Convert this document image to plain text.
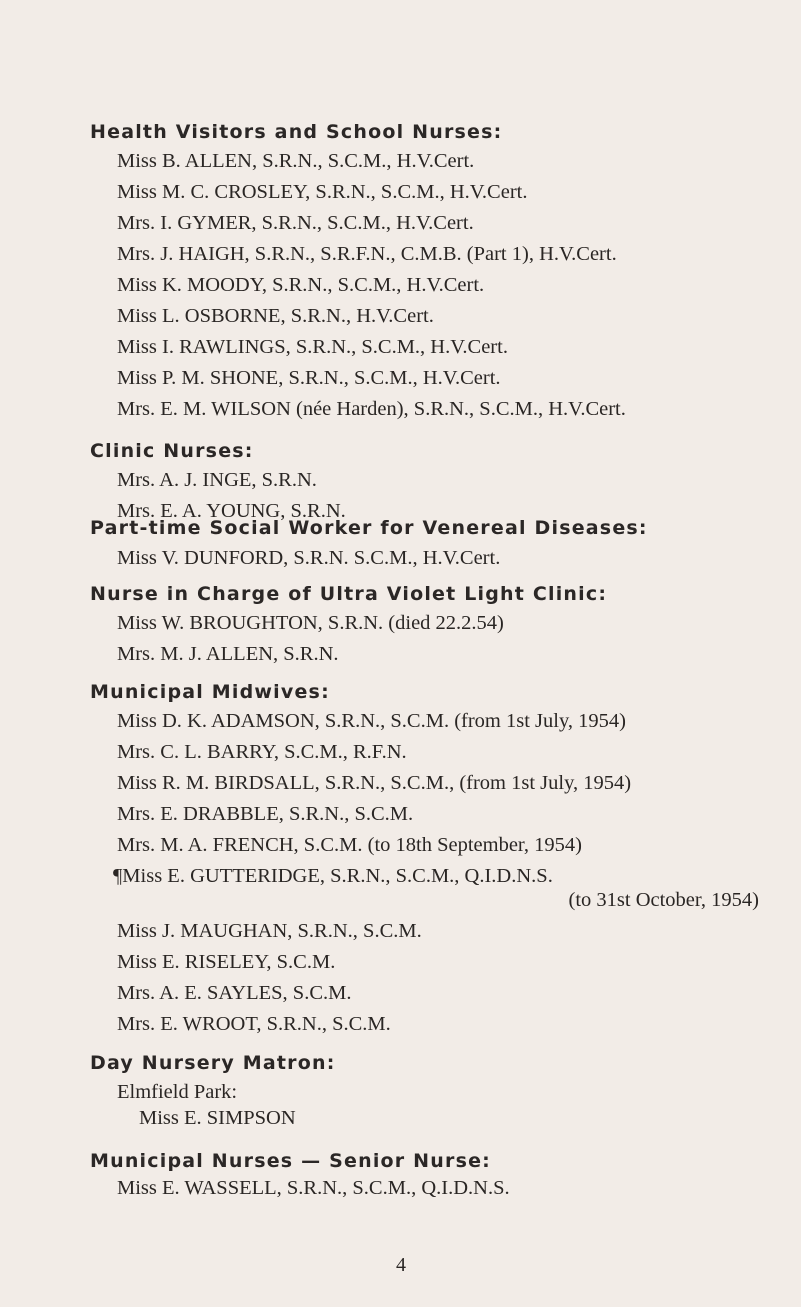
Health Visitors and School Nurses:
Miss B. ALLEN, S.R.N., S.C.M., H.V.Cert.
Miss M. C. CROSLEY, S.R.N., S.C.M., H.V.Cert.
Mrs. I. GYMER, S.R.N., S.C.M., H.V.Cert.
Mrs. J. HAIGH, S.R.N., S.R.F.N., C.M.B. (Part 1), H.V.Cert.
Miss K. MOODY, S.R.N., S.C.M., H.V.Cert.
Miss L. OSBORNE, S.R.N., H.V.Cert.
Miss I. RAWLINGS, S.R.N., S.C.M., H.V.Cert.
Miss P. M. SHONE, S.R.N., S.C.M., H.V.Cert.
Mrs. E. M. WILSON (née Harden), S.R.N., S.C.M., H.V.Cert.
Clinic Nurses:
Mrs. A. J. INGE, S.R.N.
Mrs. E. A. YOUNG, S.R.N.
Part-time Social Worker for Venereal Diseases:
Miss V. DUNFORD, S.R.N. S.C.M., H.V.Cert.
Nurse in Charge of Ultra Violet Light Clinic:
Miss W. BROUGHTON, S.R.N. (died 22.2.54)
Mrs. M. J. ALLEN, S.R.N.
Municipal Midwives:
Miss D. K. ADAMSON, S.R.N., S.C.M. (from 1st July, 1954)
Mrs. C. L. BARRY, S.C.M., R.F.N.
Miss R. M. BIRDSALL, S.R.N., S.C.M., (from 1st July, 1954)
Mrs. E. DRABBLE, S.R.N., S.C.M.
Mrs. M. A. FRENCH, S.C.M. (to 18th September, 1954)
¶Miss E. GUTTERIDGE, S.R.N., S.C.M., Q.I.D.N.S.
(to 31st October, 1954)
Miss J. MAUGHAN, S.R.N., S.C.M.
Miss E. RISELEY, S.C.M.
Mrs. A. E. SAYLES, S.C.M.
Mrs. E. WROOT, S.R.N., S.C.M.
Day Nursery Matron:
Elmfield Park:
Miss E. SIMPSON
Municipal Nurses — Senior Nurse:
Miss E. WASSELL, S.R.N., S.C.M., Q.I.D.N.S.
4
